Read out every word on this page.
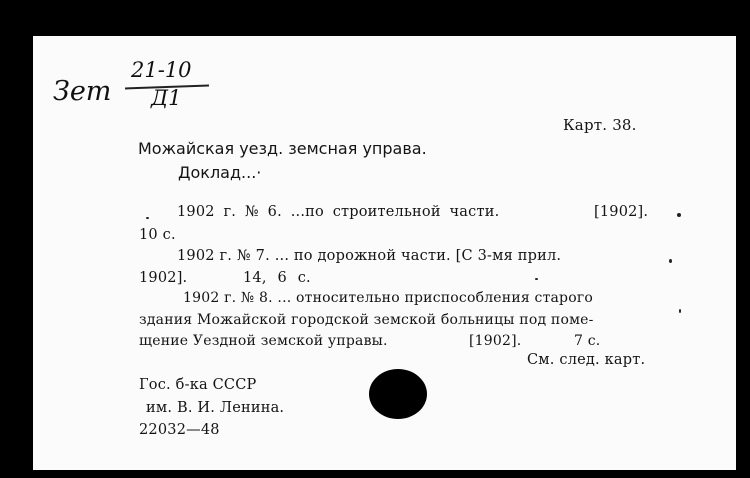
Зет
21-10
Д1
Карт. 38.
Можайская уезд. земсная управа.
Доклад...·
1902 г. № 6. ...по строительной части.	[1902].
10 с.
1902 г. № 7. ... по дорожной части. [С 3-мя прил.
1902].	14, 6 с.
1902 г. № 8. ... относительно приспособления старого
здания Можайской городской земской больницы под поме-
щение Уездной земской управы.	[1902].	7 с.
См. след. карт.
Гос. б-ка СССР
им. В. И. Ленина.
22032—48
